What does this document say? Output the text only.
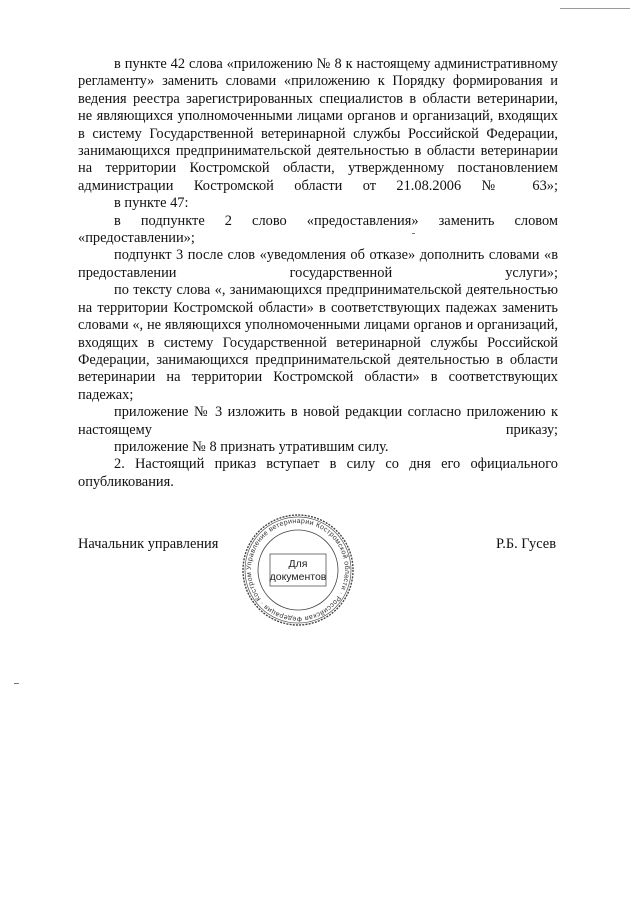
в пункте 42 слова «приложению № 8 к настоящему административному регламенту» заменить словами «приложению к Порядку формирования и ведения реестра зарегистрированных специалистов в области ветеринарии, не являющихся уполномоченными лицами органов и организаций, входящих в систему Государственной ветеринарной службы Российской Федерации, занимающихся предпринимательской деятельностью в области ветеринарии на территории Костромской области, утвержденному постановлением администрации Костромской области от 21.08.2006 № 63»;

в пункте 47:

в подпункте 2 слово «предоставления» заменить словом «предоставлении»;

подпункт 3 после слов «уведомления об отказе» дополнить словами «в предоставлении государственной услуги»;

по тексту слова «, занимающихся предпринимательской деятельностью на территории Костромской области» в соответствующих падежах заменить словами «, не являющихся уполномоченными лицами органов и организаций, входящих в систему Государственной ветеринарной службы Российской Федерации, занимающихся предпринимательской деятельностью в области ветеринарии на территории Костромской области» в соответствующих падежах;

приложение № 3 изложить в новой редакции согласно приложению к настоящему приказу;

приложение № 8 признать утратившим силу.

2. Настоящий приказ вступает в силу со дня его официального опубликования.

Начальник управления
Управление ветеринарии Костромской области · Российская Федерация · Костром
Для
документов
Р.Б. Гусев
